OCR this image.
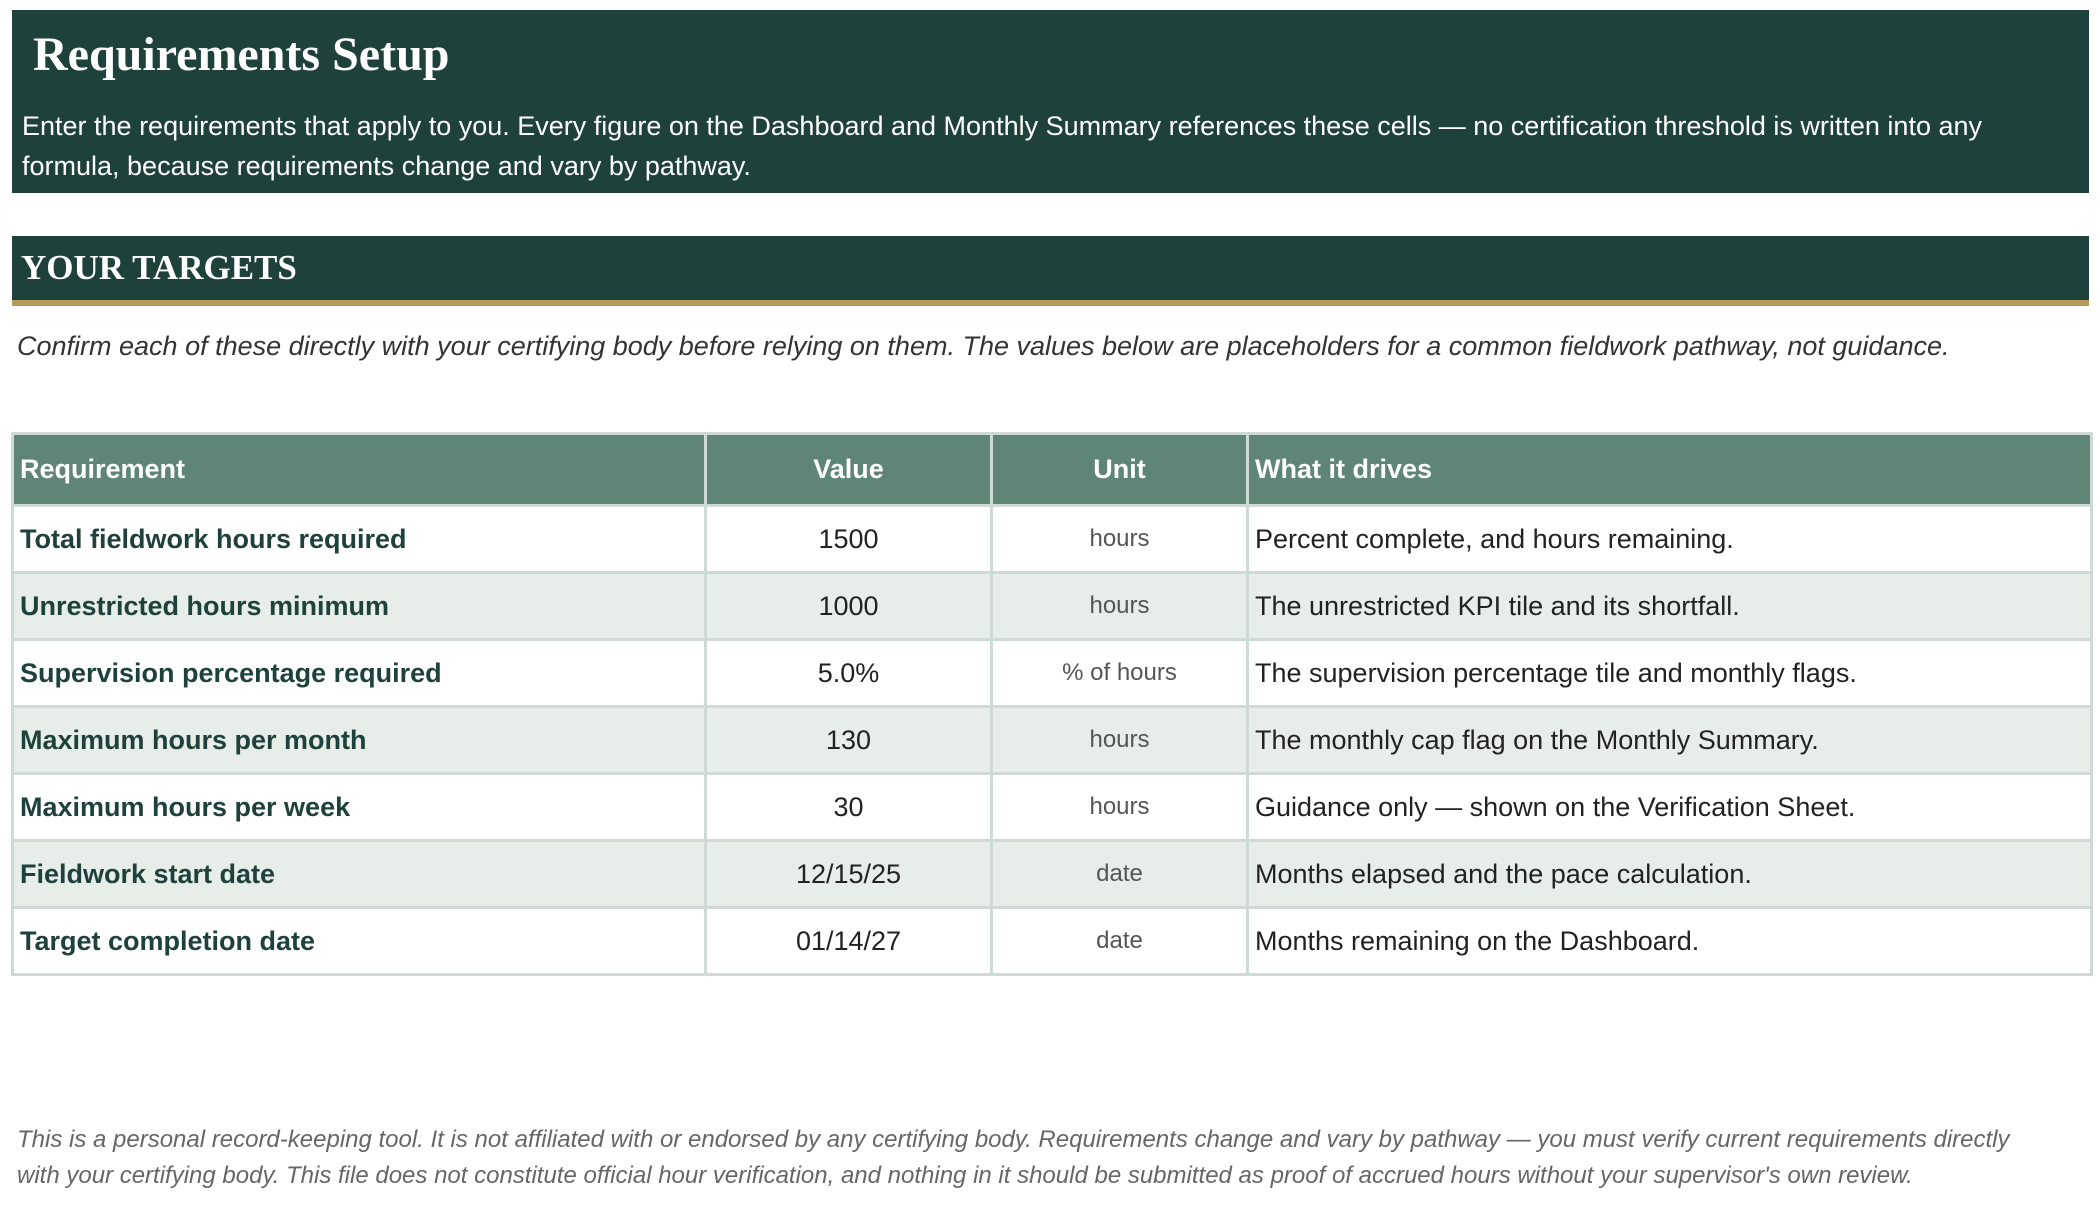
Requirements Setup
Enter the requirements that apply to you. Every figure on the Dashboard and Monthly Summary references these cells — no certification threshold is written into any formula, because requirements change and vary by pathway.
YOUR TARGETS
Confirm each of these directly with your certifying body before relying on them. The values below are placeholders for a common fieldwork pathway, not guidance.
Requirement	Value	Unit	What it drives
Total fieldwork hours required	1500	hours	Percent complete, and hours remaining.
Unrestricted hours minimum	1000	hours	The unrestricted KPI tile and its shortfall.
Supervision percentage required	5.0%	% of hours	The supervision percentage tile and monthly flags.
Maximum hours per month	130	hours	The monthly cap flag on the Monthly Summary.
Maximum hours per week	30	hours	Guidance only — shown on the Verification Sheet.
Fieldwork start date	12/15/25	date	Months elapsed and the pace calculation.
Target completion date	01/14/27	date	Months remaining on the Dashboard.
This is a personal record-keeping tool. It is not affiliated with or endorsed by any certifying body. Requirements change and vary by pathway — you must verify current requirements directly with your certifying body. This file does not constitute official hour verification, and nothing in it should be submitted as proof of accrued hours without your supervisor's own review.
